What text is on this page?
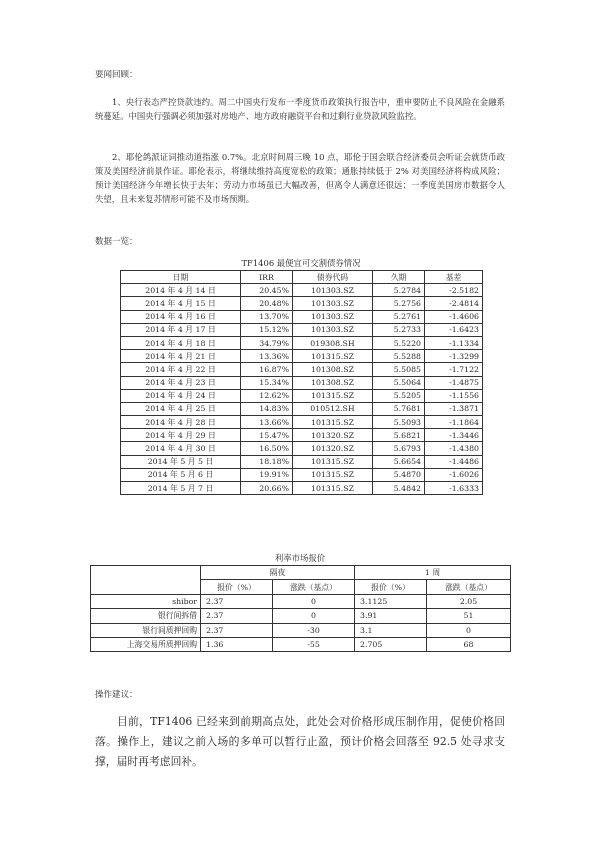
要闻回顾：

1、央行表态严控贷款违约。周二中国央行发布一季度货币政策执行报告中，重申要防止不良风险在金融系统蔓延。中国央行强调必须加强对房地产、地方政府融资平台和过剩行业贷款风险监控。

2、耶伦鸽派证词推动道指涨 0.7%。北京时间周三晚 10 点，耶伦于国会联合经济委员会听证会就货币政策及美国经济前景作证。耶伦表示，将继续维持高度宽松的政策；通胀持续低于 2% 对美国经济将构成风险；预计美国经济今年增长快于去年；劳动力市场虽已大幅改善，但离令人满意还很远；一季度美国房市数据令人失望，且未来复苏情形可能不及市场预期。

数据一览：
TF1406 最便宜可交割债券情况
日期	IRR	债券代码	久期	基差
2014 年 4 月 14 日	20.45%	101303.SZ	5.2784	-2.5182
2014 年 4 月 15 日	20.48%	101303.SZ	5.2756	-2.4814
2014 年 4 月 16 日	13.70%	101303.SZ	5.2761	-1.4606
2014 年 4 月 17 日	15.12%	101303.SZ	5.2733	-1.6423
2014 年 4 月 18 日	34.79%	019308.SH	5.5220	-1.1334
2014 年 4 月 21 日	13.36%	101315.SZ	5.5288	-1.3299
2014 年 4 月 22 日	16.87%	101308.SZ	5.5085	-1.7122
2014 年 4 月 23 日	15.34%	101308.SZ	5.5064	-1.4875
2014 年 4 月 24 日	12.62%	101315.SZ	5.5205	-1.1556
2014 年 4 月 25 日	14.83%	010512.SH	5.7681	-1.3871
2014 年 4 月 28 日	13.66%	101315.SZ	5.5093	-1.1864
2014 年 4 月 29 日	15.47%	101320.SZ	5.6821	-1.3446
2014 年 4 月 30 日	16.50%	101320.SZ	5.6793	-1.4380
2014 年 5 月 5 日	18.18%	101315.SZ	5.6654	-1.4486
2014 年 5 月 6 日	19.91%	101315.SZ	5.4870	-1.6026
2014 年 5 月 7 日	20.66%	101315.SZ	5.4842	-1.6333
利率市场报价
	隔夜		1 周	
	报价（%）	涨跌（基点）	报价（%）	涨跌（基点）
shibor	2.37	0	3.1125	2.05
银行间拆借	2.37	0	3.91	51
银行间质押回购	2.37	-30	3.1	0
上海交易所质押回购	1.36	-55	2.705	68
操作建议：

目前，TF1406 已经来到前期高点处，此处会对价格形成压制作用，促使价格回落。操作上，建议之前入场的多单可以暂行止盈，预计价格会回落至 92.5 处寻求支撑，届时再考虑回补。
